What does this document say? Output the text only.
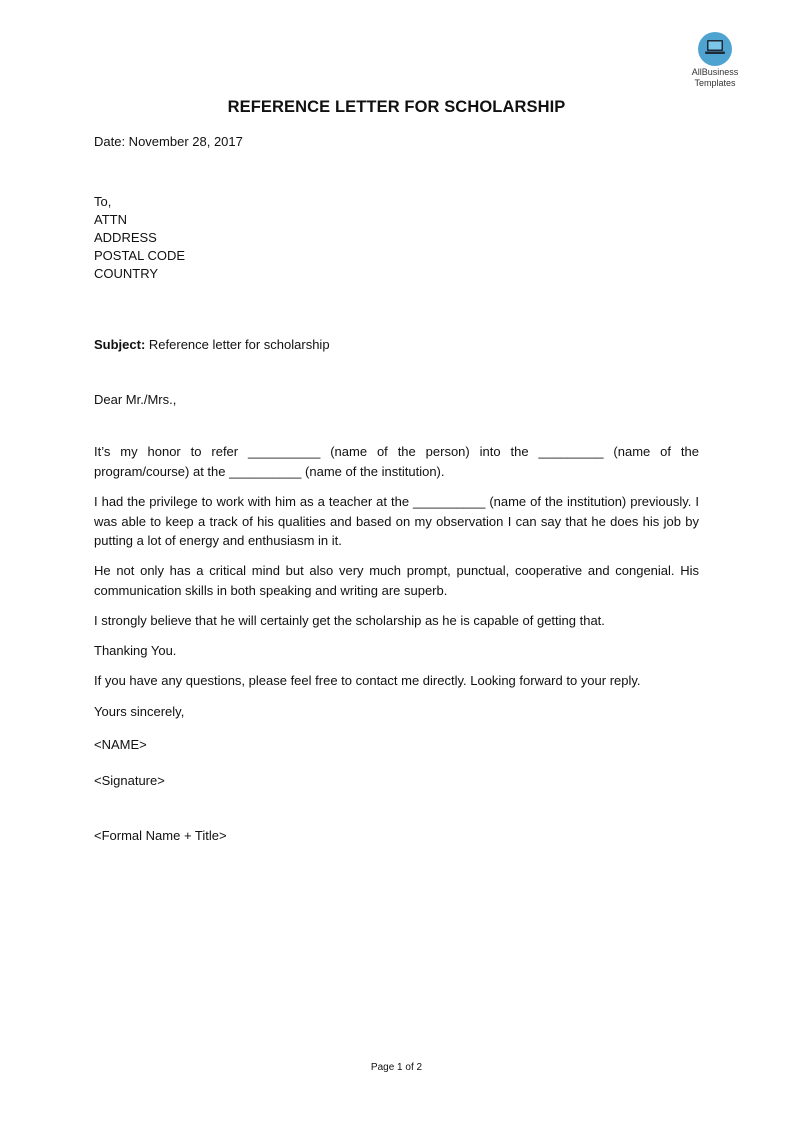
AllBusiness
Templates
REFERENCE LETTER FOR SCHOLARSHIP
Date: November 28, 2017
To,
ATTN
ADDRESS
POSTAL CODE
COUNTRY
Subject: Reference letter for scholarship
Dear Mr./Mrs.,
It’s my honor to refer __________ (name of the person) into the _________ (name of the program/course) at the __________ (name of the institution).
I had the privilege to work with him as a teacher at the __________ (name of the institution) previously. I was able to keep a track of his qualities and based on my observation I can say that he does his job by putting a lot of energy and enthusiasm in it.
He not only has a critical mind but also very much prompt, punctual, cooperative and congenial. His communication skills in both speaking and writing are superb.
I strongly believe that he will certainly get the scholarship as he is capable of getting that.
Thanking You.
If you have any questions, please feel free to contact me directly. Looking forward to your reply.
Yours sincerely,
<NAME>
<Signature>
<Formal Name + Title>
Page 1 of 2
